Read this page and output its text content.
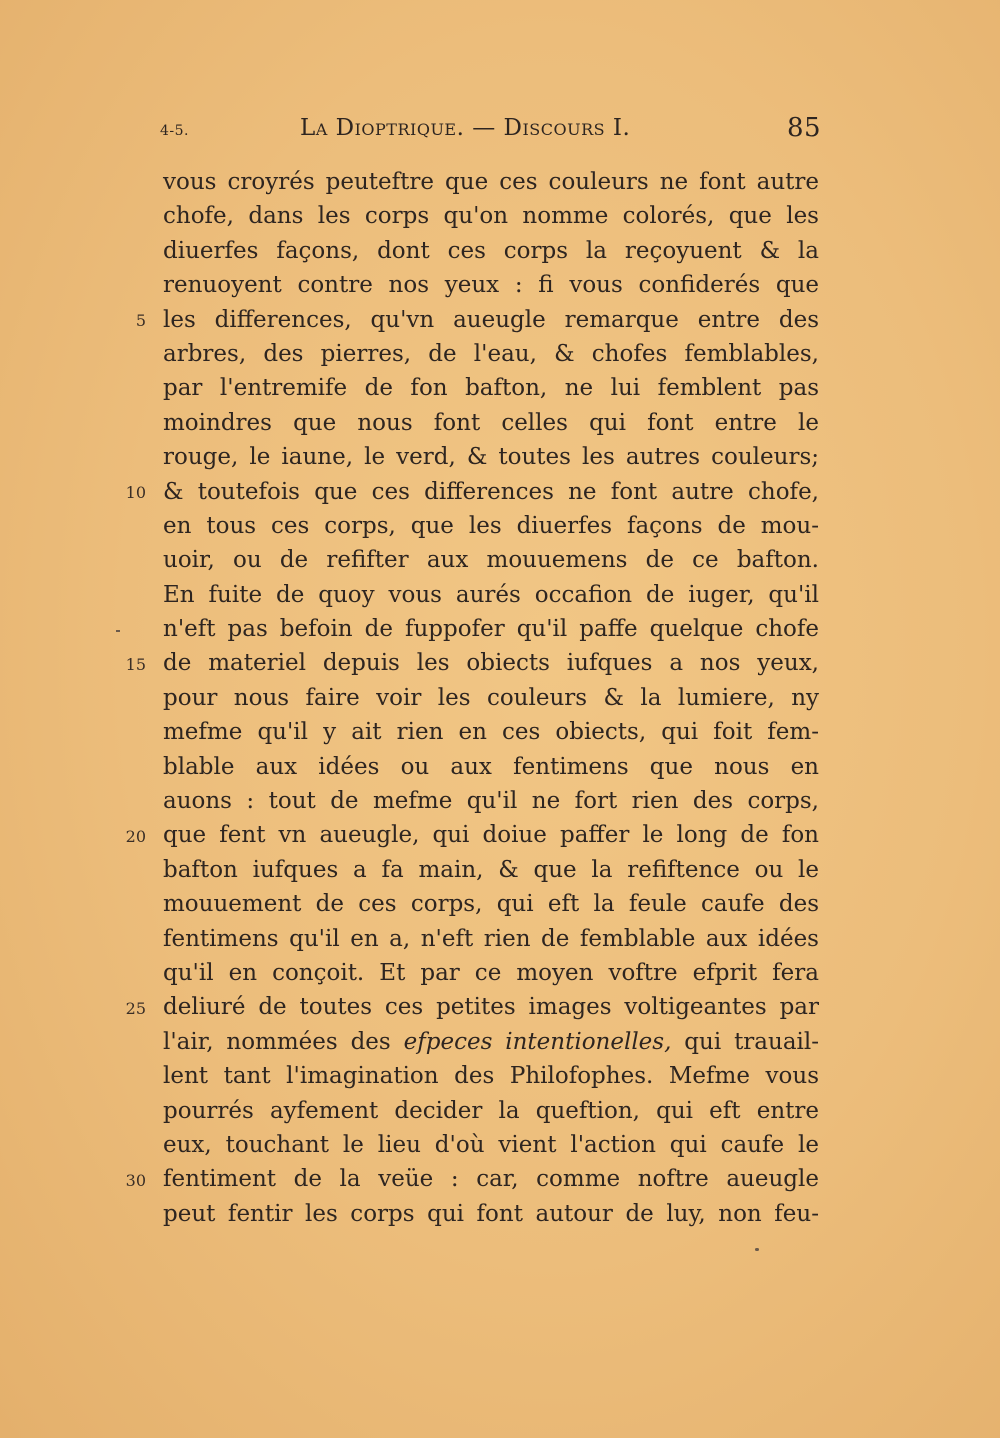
4-5.	La Dioptrique. — Discours I.	85
5
10
15
20
25
30
vous croyrés peuteftre que ces couleurs ne font autre
chofe, dans les corps qu'on nomme colorés, que les
diuerfes façons, dont ces corps la reçoyuent & la
renuoyent contre nos yeux : fi vous confiderés que
les differences, qu'vn aueugle remarque entre des
arbres, des pierres, de l'eau, & chofes femblables,
par l'entremife de fon bafton, ne lui femblent pas
moindres que nous font celles qui font entre le
rouge, le iaune, le verd, & toutes les autres couleurs;
& toutefois que ces differences ne font autre chofe,
en tous ces corps, que les diuerfes façons de mou-
uoir, ou de refifter aux mouuemens de ce bafton.
En fuite de quoy vous aurés occafion de iuger, qu'il
n'eft pas befoin de fuppofer qu'il paffe quelque chofe
de materiel depuis les obiects iufques a nos yeux,
pour nous faire voir les couleurs & la lumiere, ny
mefme qu'il y ait rien en ces obiects, qui foit fem-
blable aux idées ou aux fentimens que nous en
auons : tout de mefme qu'il ne fort rien des corps,
que fent vn aueugle, qui doiue paffer le long de fon
bafton iufques a fa main, & que la refiftence ou le
mouuement de ces corps, qui eft la feule caufe des
fentimens qu'il en a, n'eft rien de femblable aux idées
qu'il en conçoit. Et par ce moyen voftre efprit fera
deliuré de toutes ces petites images voltigeantes par
l'air, nommées des efpeces intentionelles, qui trauail-
lent tant l'imagination des Philofophes. Mefme vous
pourrés ayfement decider la queftion, qui eft entre
eux, touchant le lieu d'où vient l'action qui caufe le
fentiment de la veüe : car, comme noftre aueugle
peut fentir les corps qui font autour de luy, non feu-
